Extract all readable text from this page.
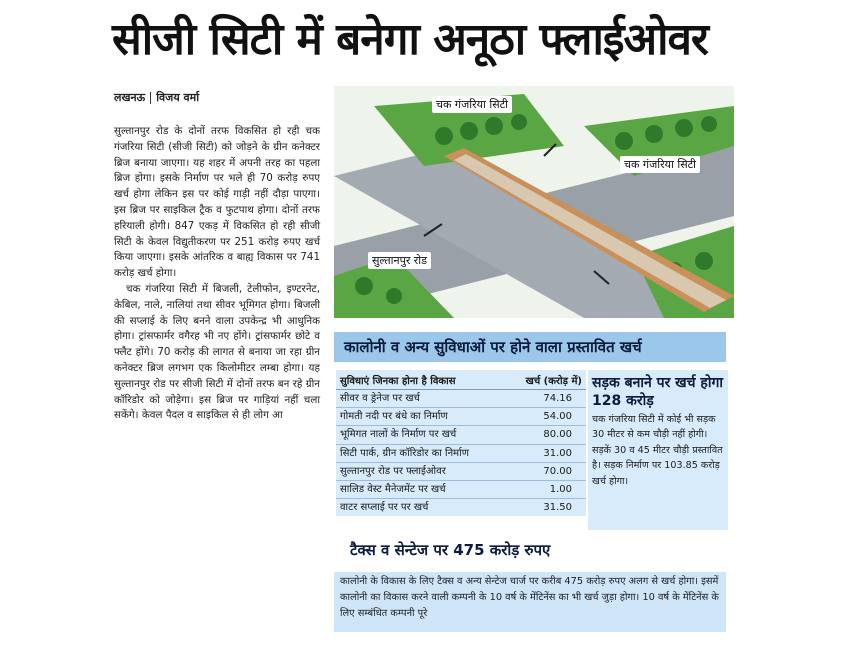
सीजी सिटी में बनेगा अनूठा फ्लाईओवर
लखनऊ विजय वर्मा

सुल्तानपुर रोड के दोनों तरफ विकसित हो रही चक गंजरिया सिटी (सीजी सिटी) को जोड़ने के ग्रीन कनेक्टर ब्रिज बनाया जाएगा। यह शहर में अपनी तरह का पहला ब्रिज होगा। इसके निर्माण पर भले ही 70 करोड़ रुपए खर्च होगा लेकिन इस पर कोई गाड़ी नहीं दौड़ा पाएगा। इस ब्रिज पर साइकिल ट्रैक व फुटपाथ होगा। दोनों तरफ हरियाली होगी। 847 एकड़ में विकसित हो रही सीजी सिटी के केवल विद्युतीकरण पर 251 करोड़ रुपए खर्च किया जाएगा। इसके आंतरिक व बाह्य विकास पर 741 करोड़ खर्च होगा।

चक गंजरिया सिटी में बिजली, टेलीफोन, इण्टरनेट, केबिल, नाले, नालियां तथा सीवर भूमिगत होगा। बिजली की सप्लाई के लिए बनने वाला उपकेन्द्र भी आधुनिक होगा। ट्रांसफार्मर वगैरह भी नए होंगे। ट्रांसफार्मर छोटे व फ्लैट होंगे। 70 करोड़ की लागत से बनाया जा रहा ग्रीन कनेक्टर ब्रिज लगभग एक किलोमीटर लम्बा होगा। यह सुल्तानपुर रोड पर सीजी सिटी में दोनों तरफ बन रहे ग्रीन कॉरिडोर को जोड़ेगा। इस ब्रिज पर गाड़ियां नहीं चला सकेंगे। केवल पैदल व साइकिल से ही लोग आ

चक गंजरिया सिटी
चक गंजरिया सिटी
सुल्तानपुर रोड
कालोनी व अन्य सुविधाओं पर होने वाला प्रस्तावित खर्च
सुविधाएं जिनका होना है विकास	खर्च (करोड़ में)
सीवर व ड्रेनेज पर खर्च	74.16
गोमती नदी पर बंधे का निर्माण	54.00
भूमिगत नालों के निर्माण पर खर्च	80.00
सिटी पार्क, ग्रीन कॉरिडोर का निर्माण	31.00
सुल्तानपुर रोड पर फ्लाईओवर	70.00
सालिड वेस्ट मैनेजमेंट पर खर्च	1.00
वाटर सप्लाई पर पर खर्च	31.50
सड़क बनाने पर खर्च होगा 128 करोड़
चक गंजरिया सिटी में कोई भी सड़क 30 मीटर से कम चौड़ी नहीं होगी। सड़कें 30 व 45 मीटर चौड़ी प्रस्तावित है। सड़क निर्माण पर 103.85 करोड़ खर्च होगा।
टैक्स व सेन्टेज पर 475 करोड़ रुपए
कालोनी के विकास के लिए टैक्स व अन्य सेन्टेज चार्ज पर करीब 475 करोड़ रुपए अलग से खर्च होगा। इसमें कालोनी का विकास करने वाली कम्पनी के 10 वर्ष के मेंटिनेंस का भी खर्च जुड़ा होगा। 10 वर्ष के मेंटिनेंस के लिए सम्बंधित कम्पनी पूरे
